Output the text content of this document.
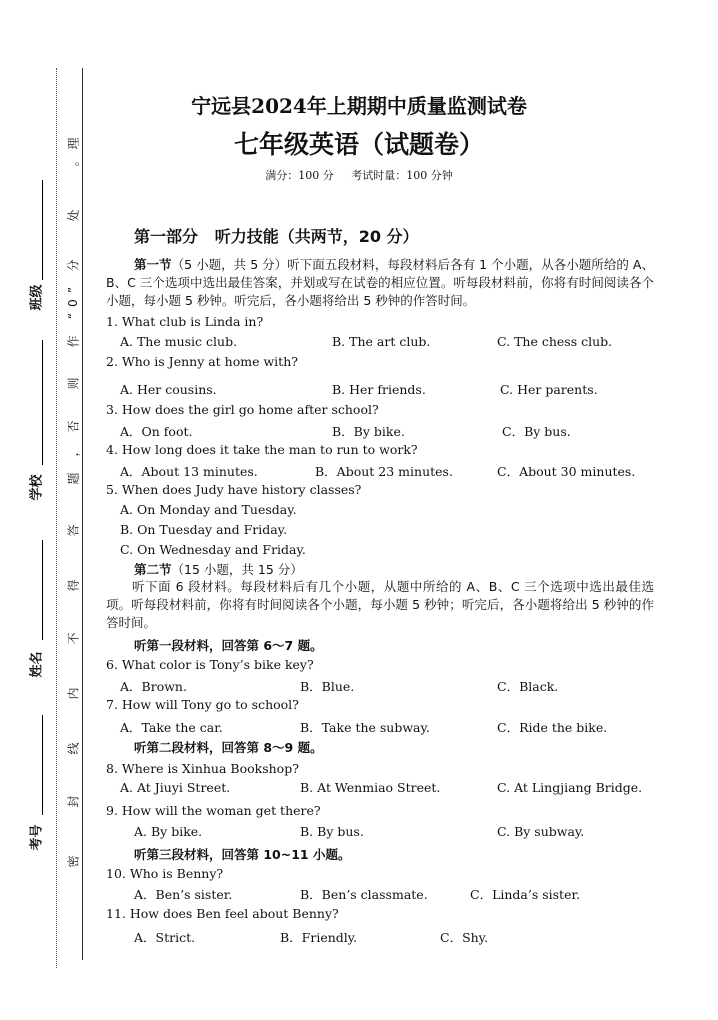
班级
学校
姓名
考号
理
。
处
分
”
0
“
作
则
否
，
题
答
得
不
内
线
封
密
宁远县2024年上期期中质量监测试卷
七年级英语（试题卷）
满分：100 分     考试时量：100 分钟
第一部分   听力技能（共两节，20 分）
第一节（5 小题，共 5 分）听下面五段材料，每段材料后各有 1 个小题，从各小题所给的 A、B、C 三个选项中选出最佳答案，并划或写在试卷的相应位置。听每段材料前，你将有时间阅读各个小题，每小题 5 秒钟。听完后，各小题将给出 5 秒钟的作答时间。
1. What club is Linda in?
A. The music club.	B. The art club.	C. The chess club.
2. Who is Jenny at home with?
A. Her cousins.	B. Her friends.	C. Her parents.
3. How does the girl go home after school?
A．On foot.	B．By bike.	C．By bus.
4. How long does it take the man to run to work?
A．About 13 minutes.	B．About 23 minutes.	C．About 30 minutes.
5. When does Judy have history classes?
A. On Monday and Tuesday.
B. On Tuesday and Friday.
C. On Wednesday and Friday.
第二节（15 小题，共 15 分）
听下面 6 段材料。每段材料后有几个小题，从题中所给的 A、B、C 三个选项中选出最佳选项。听每段材料前，你将有时间阅读各个小题，每小题 5 秒钟；听完后，各小题将给出 5 秒钟的作答时间。
听第一段材料，回答第 6～7 题。
6. What color is Tony’s bike key?
A．Brown.	B．Blue.	C．Black.
7. How will Tony go to school?
A．Take the car.	B．Take the subway.	C．Ride the bike.
听第二段材料，回答第 8～9 题。
8. Where is Xinhua Bookshop?
A. At Jiuyi Street.	B. At Wenmiao Street.	C. At Lingjiang Bridge.
9. How will the woman get there?
A. By bike.	B. By bus.	C. By subway.
听第三段材料，回答第 10~11 小题。
10. Who is Benny?
A．Ben’s sister.	B．Ben’s classmate.	C．Linda’s sister.
11. How does Ben feel about Benny?
A．Strict.	B．Friendly.	C．Shy.
